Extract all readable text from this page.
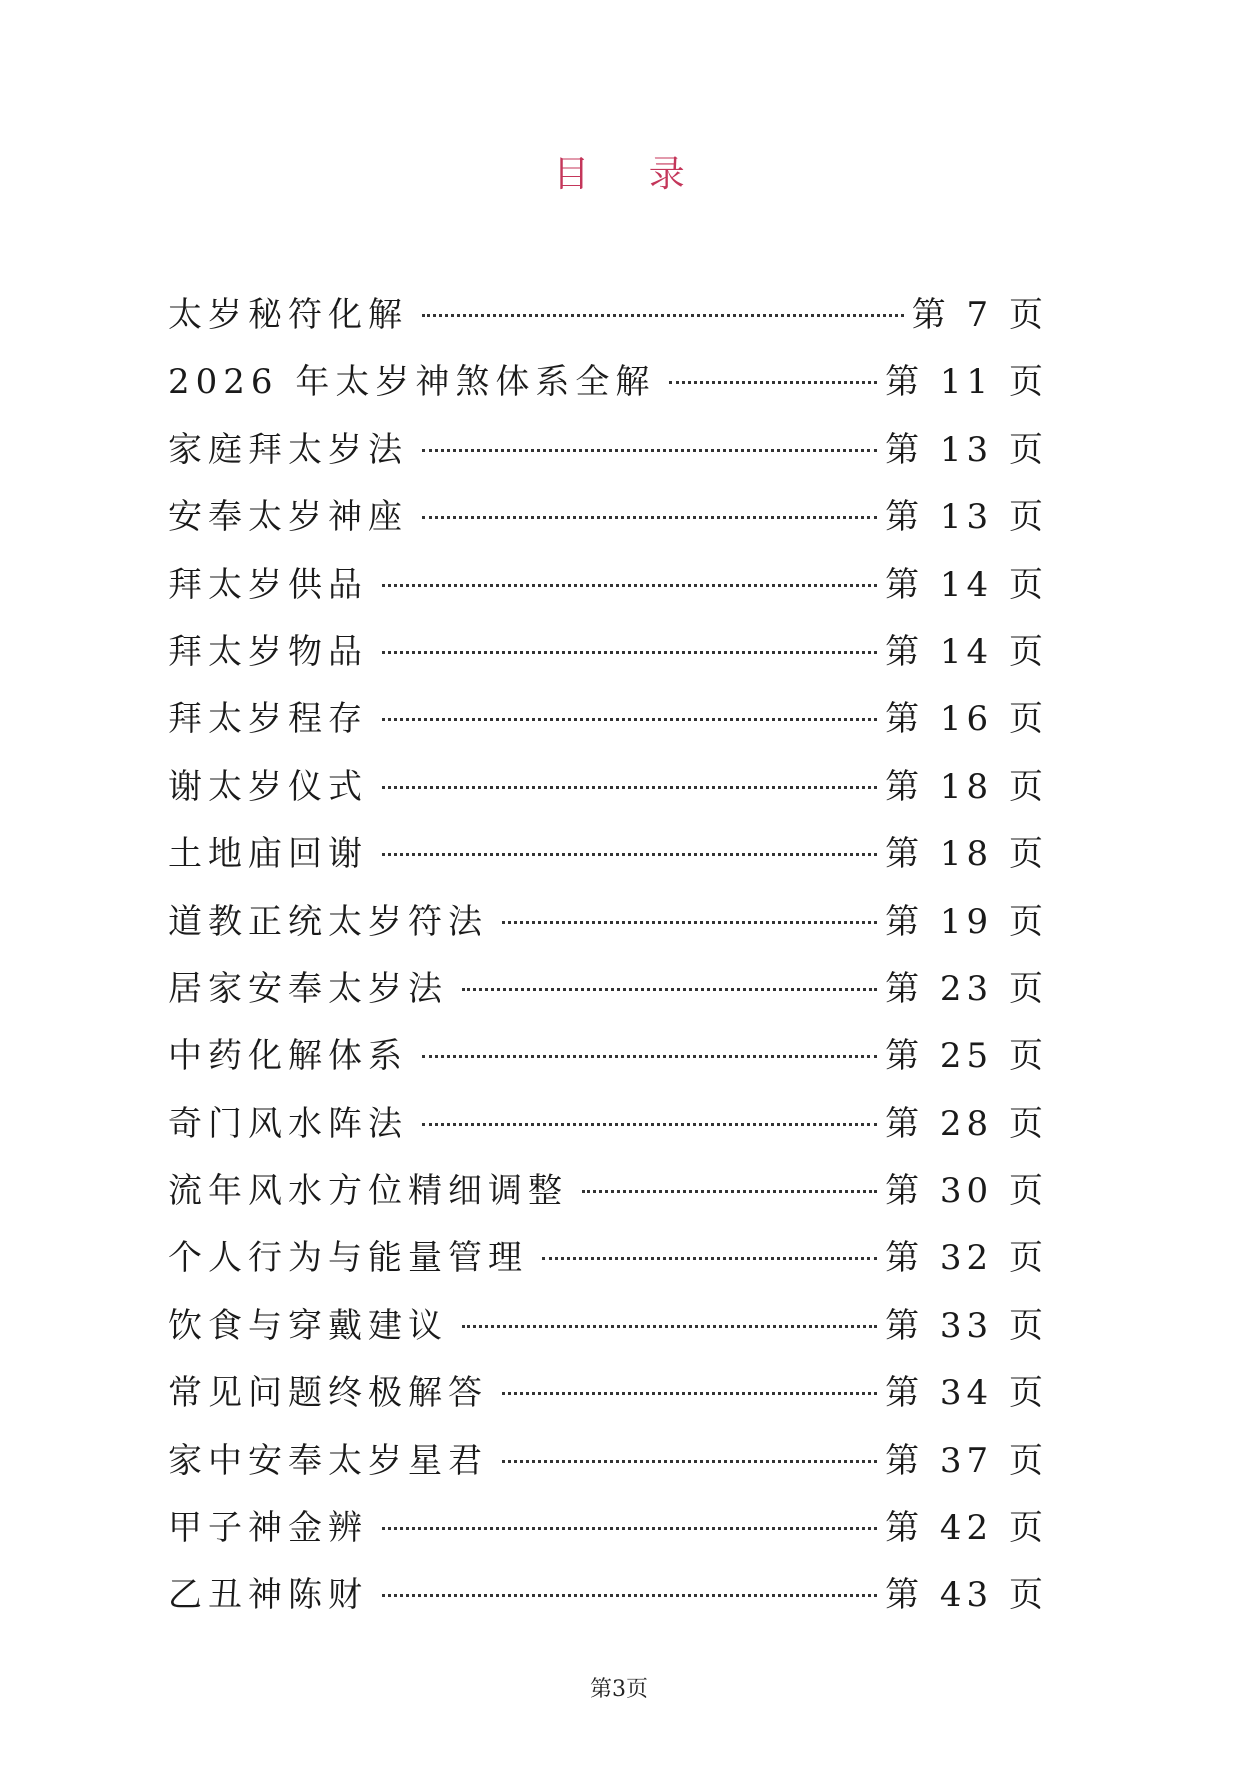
目 录
太岁秘符化解	第 7 页
2026 年太岁神煞体系全解	第 11 页
家庭拜太岁法	第 13 页
安奉太岁神座	第 13 页
拜太岁供品	第 14 页
拜太岁物品	第 14 页
拜太岁程存	第 16 页
谢太岁仪式	第 18 页
土地庙回谢	第 18 页
道教正统太岁符法	第 19 页
居家安奉太岁法	第 23 页
中药化解体系	第 25 页
奇门风水阵法	第 28 页
流年风水方位精细调整	第 30 页
个人行为与能量管理	第 32 页
饮食与穿戴建议	第 33 页
常见问题终极解答	第 34 页
家中安奉太岁星君	第 37 页
甲子神金辨	第 42 页
乙丑神陈财	第 43 页
第3页
